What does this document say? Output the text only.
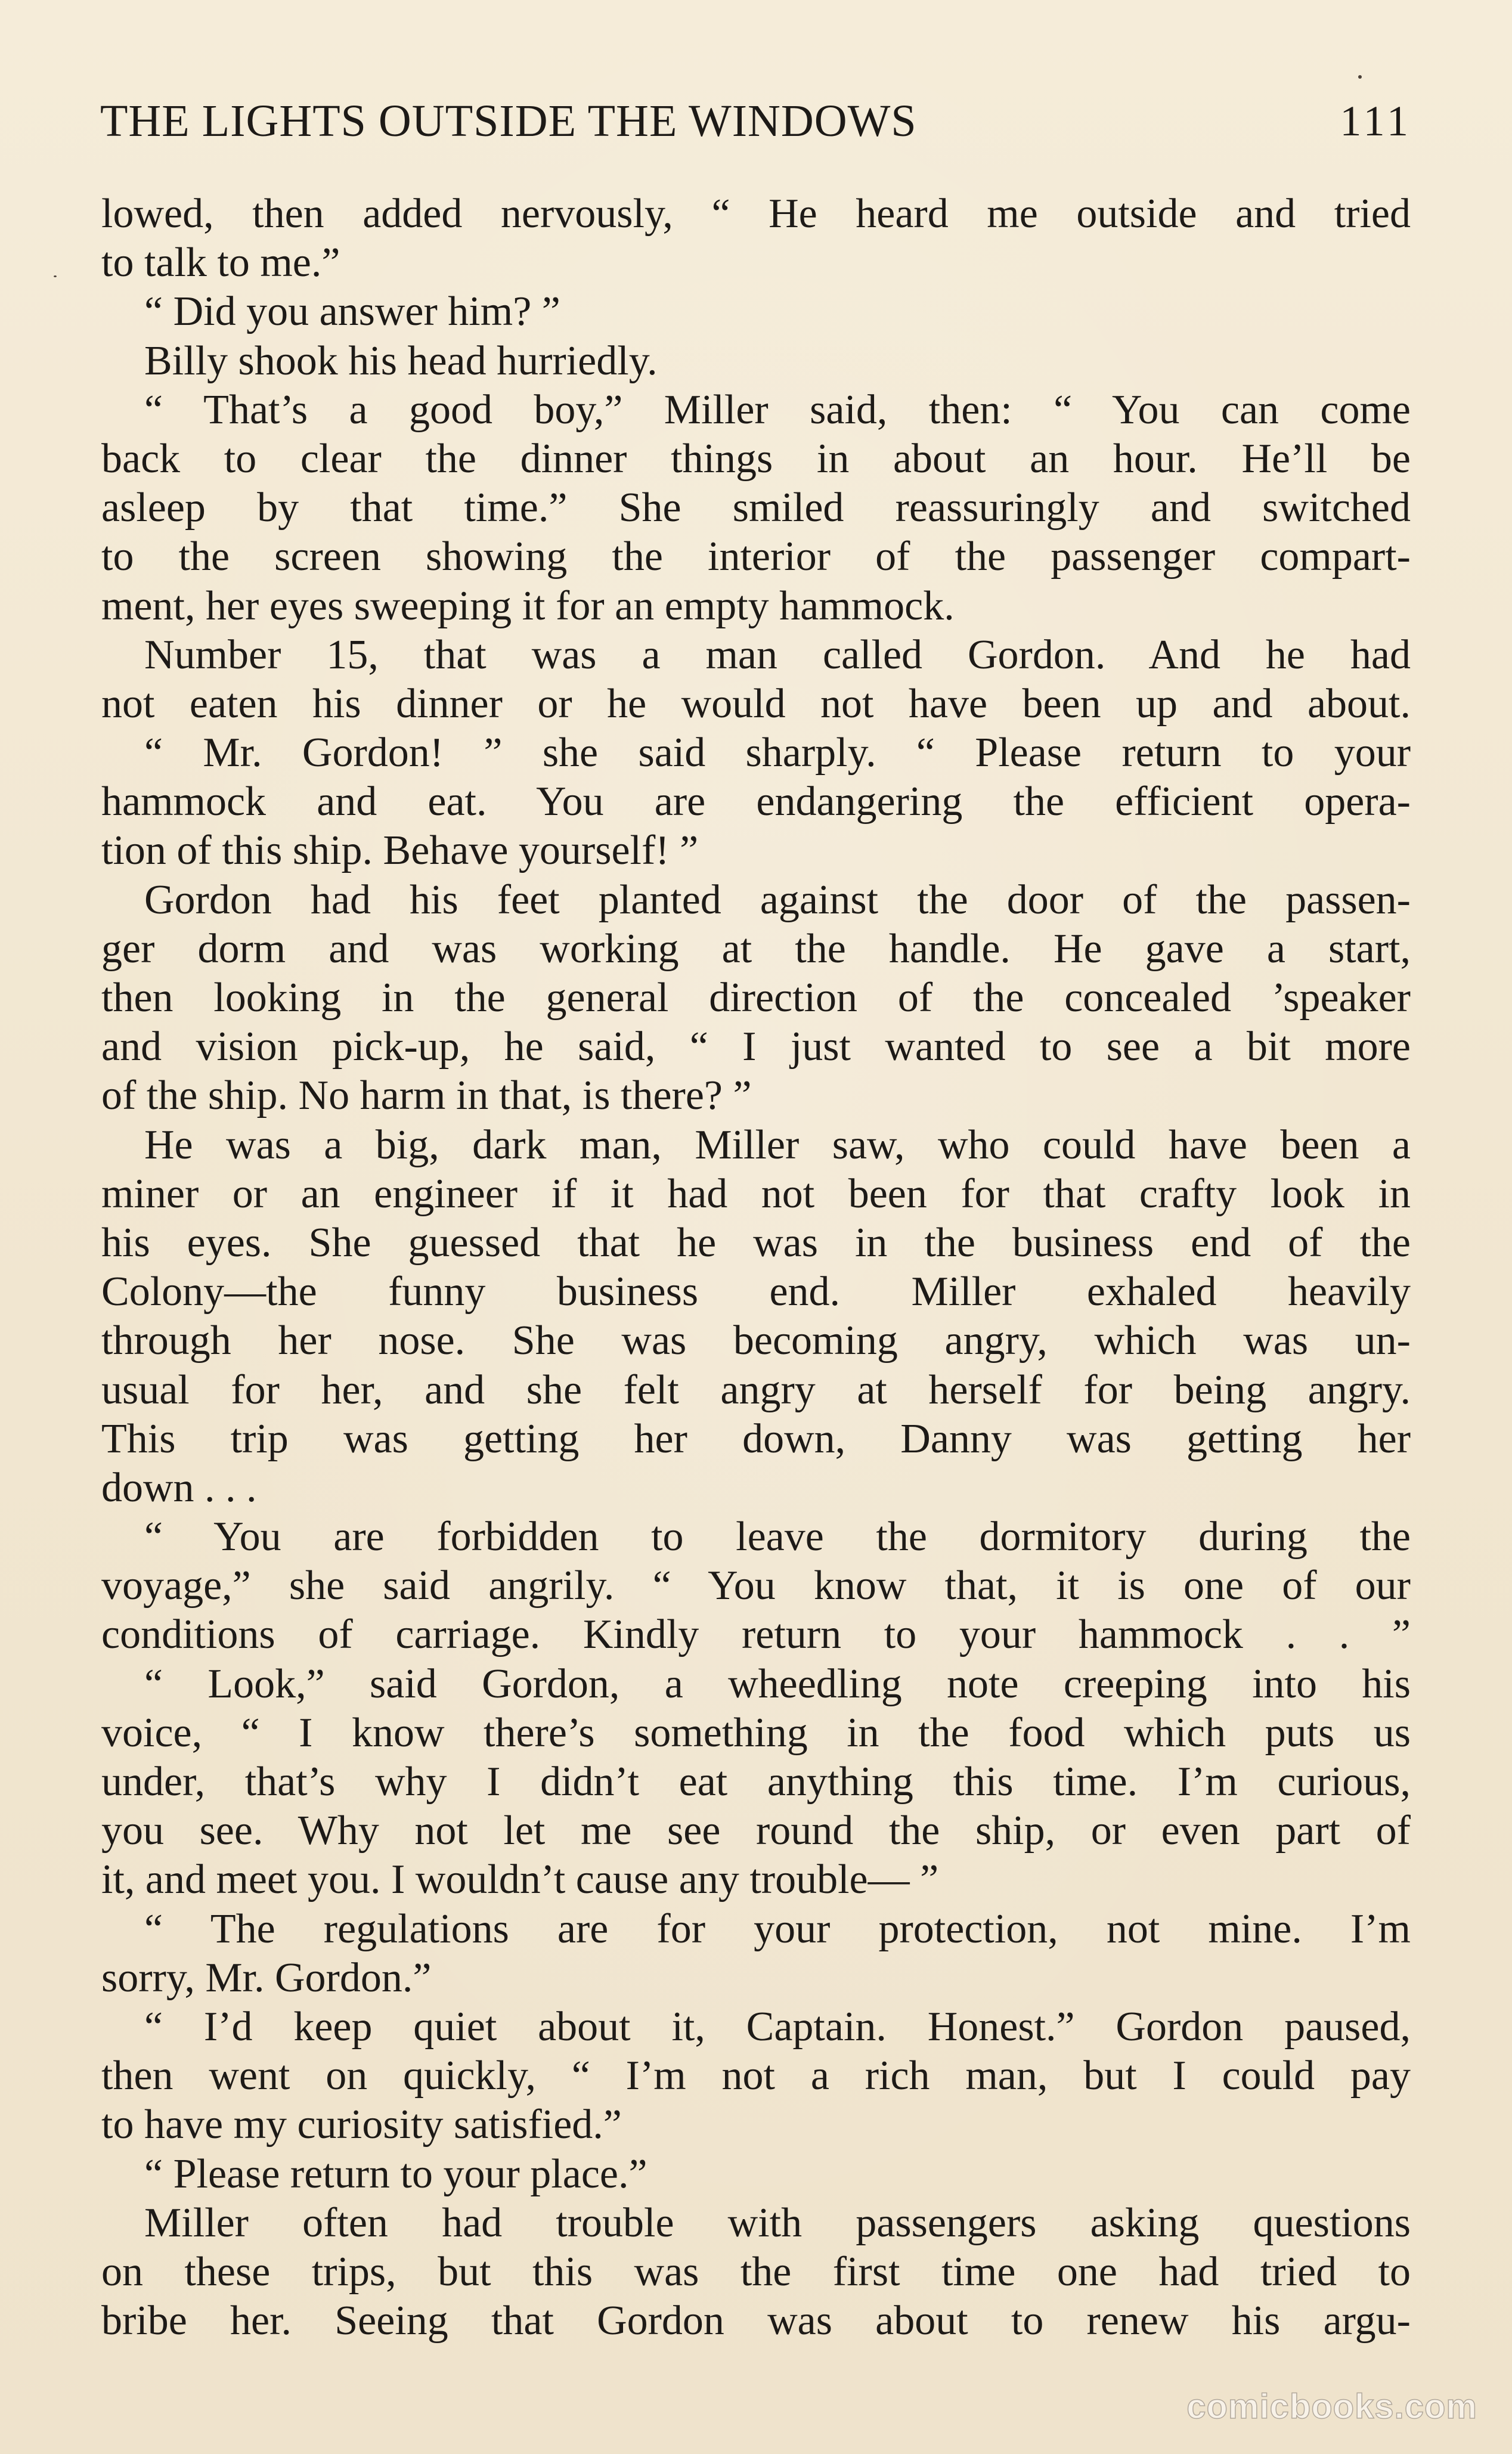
THE LIGHTS OUTSIDE THE WINDOWS	111
lowed, then added nervously, “ He heard me outside and tried
to talk to me.”
“ Did you answer him? ”
Billy shook his head hurriedly.
“ That’s a good boy,” Miller said, then: “ You can come
back to clear the dinner things in about an hour. He’ll be
asleep by that time.” She smiled reassuringly and switched
to the screen showing the interior of the passenger compart-
ment, her eyes sweeping it for an empty hammock.
Number 15, that was a man called Gordon. And he had
not eaten his dinner or he would not have been up and about.
“ Mr. Gordon! ” she said sharply. “ Please return to your
hammock and eat. You are endangering the efficient opera-
tion of this ship. Behave yourself! ”
Gordon had his feet planted against the door of the passen-
ger dorm and was working at the handle. He gave a start,
then looking in the general direction of the concealed ’speaker
and vision pick-up, he said, “ I just wanted to see a bit more
of the ship. No harm in that, is there? ”
He was a big, dark man, Miller saw, who could have been a
miner or an engineer if it had not been for that crafty look in
his eyes. She guessed that he was in the business end of the
Colony—the funny business end. Miller exhaled heavily
through her nose. She was becoming angry, which was un-
usual for her, and she felt angry at herself for being angry.
This trip was getting her down, Danny was getting her
down . . .
“ You are forbidden to leave the dormitory during the
voyage,” she said angrily. “ You know that, it is one of our
conditions of carriage. Kindly return to your hammock . . ”
“ Look,” said Gordon, a wheedling note creeping into his
voice, “ I know there’s something in the food which puts us
under, that’s why I didn’t eat anything this time. I’m curious,
you see. Why not let me see round the ship, or even part of
it, and meet you. I wouldn’t cause any trouble— ”
“ The regulations are for your protection, not mine. I’m
sorry, Mr. Gordon.”
“ I’d keep quiet about it, Captain. Honest.” Gordon paused,
then went on quickly, “ I’m not a rich man, but I could pay
to have my curiosity satisfied.”
“ Please return to your place.”
Miller often had trouble with passengers asking questions
on these trips, but this was the first time one had tried to
bribe her. Seeing that Gordon was about to renew his argu-
comicbooks.com
